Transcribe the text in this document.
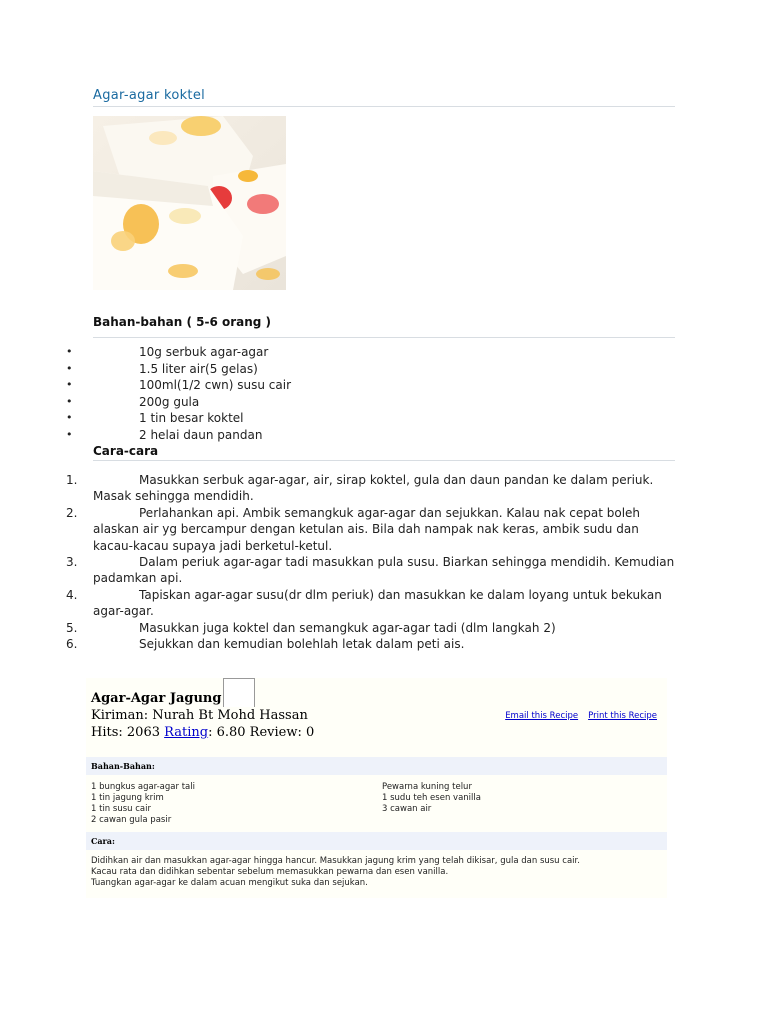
Agar-agar koktel
Bahan-bahan ( 5-6 orang )
• 10g serbuk agar-agar
• 1.5 liter air(5 gelas)
• 100ml(1/2 cwn) susu cair
• 200g gula
• 1 tin besar koktel
• 2 helai daun pandan
Cara-cara
1.	Masukkan serbuk agar-agar, air, sirap koktel, gula dan daun pandan ke dalam periuk. Masak sehingga mendidih.
2.	Perlahankan api. Ambik semangkuk agar-agar dan sejukkan. Kalau nak cepat boleh alaskan air yg bercampur dengan ketulan ais. Bila dah nampak nak keras, ambik sudu dan kacau-kacau supaya jadi berketul-ketul.
3.	Dalam periuk agar-agar tadi masukkan pula susu. Biarkan sehingga mendidih. Kemudian padamkan api.
4.	Tapiskan agar-agar susu(dr dlm periuk) dan masukkan ke dalam loyang untuk bekukan agar-agar.
5.	Masukkan juga koktel dan semangkuk agar-agar tadi (dlm langkah 2)
6.	Sejukkan dan kemudian bolehlah letak dalam peti ais.
Agar-Agar Jagung
Kiriman: Nurah Bt Mohd Hassan
Hits: 2063 Rating: 6.80 Review: 0
Email this Recipe Print this Recipe
Bahan-Bahan:
1 bungkus agar-agar tali
1 tin jagung krim
1 tin susu cair
2 cawan gula pasir
Pewarna kuning telur
1 sudu teh esen vanilla
3 cawan air
Cara:
Didihkan air dan masukkan agar-agar hingga hancur. Masukkan jagung krim yang telah dikisar, gula dan susu cair.
Kacau rata dan didihkan sebentar sebelum memasukkan pewarna dan esen vanilla.
Tuangkan agar-agar ke dalam acuan mengikut suka dan sejukan.
